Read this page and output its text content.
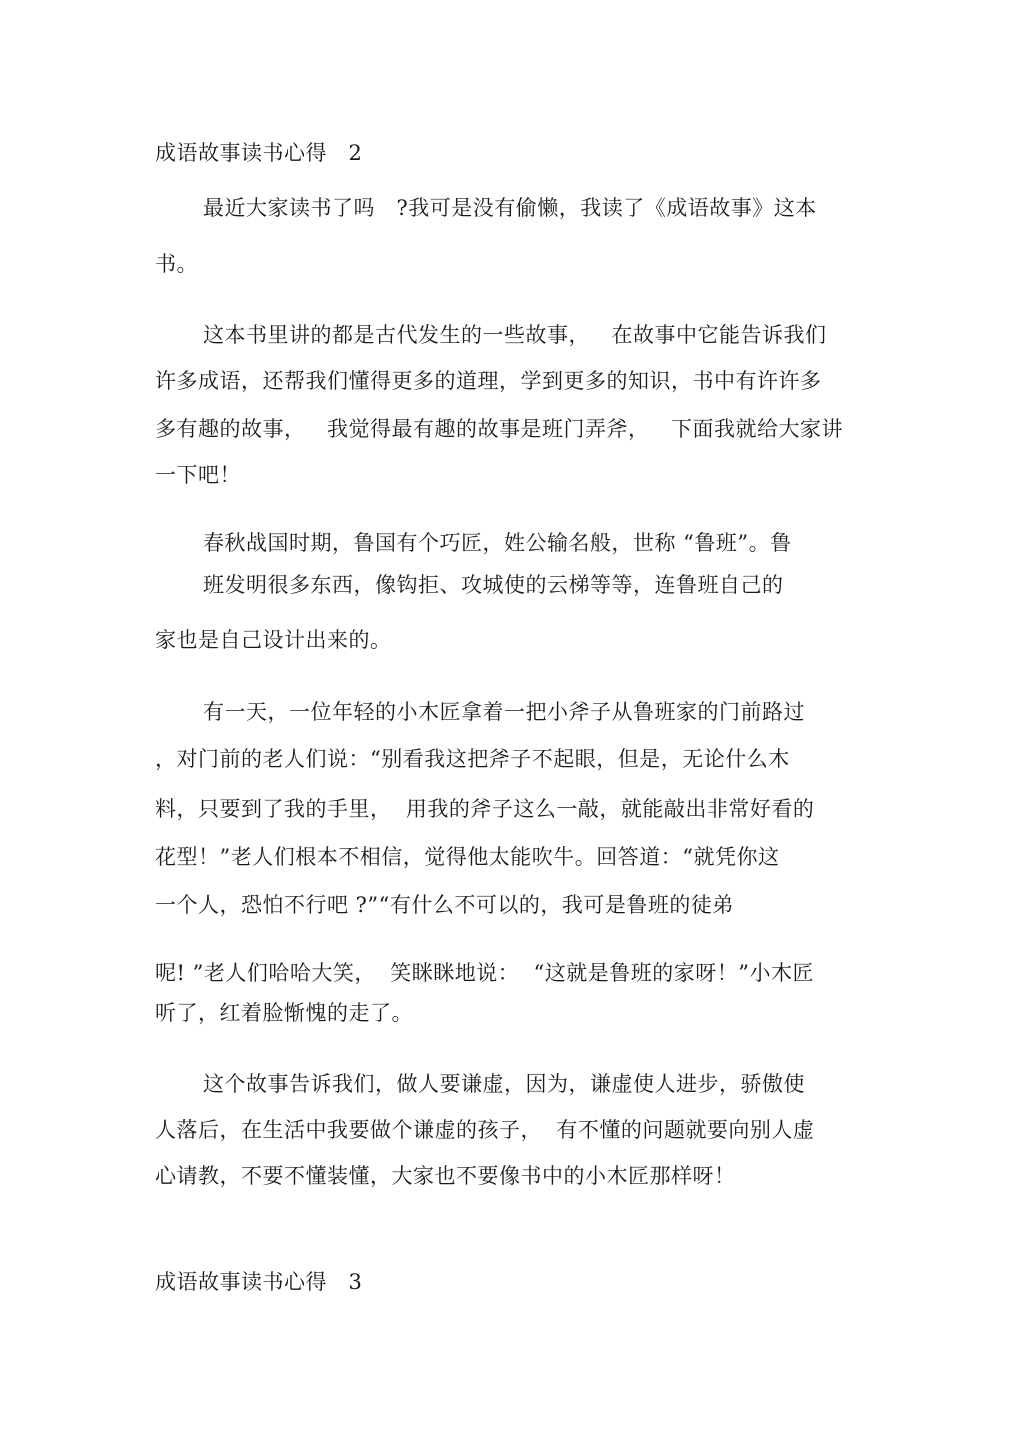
成语故事读书心得   2
最近大家读书了吗   ?我可是没有偷懒，我读了《成语故事》这本
书。
这本书里讲的都是古代发生的一些故事，   在故事中它能告诉我们
许多成语，还帮我们懂得更多的道理，学到更多的知识，书中有许许多
多有趣的故事，   我觉得最有趣的故事是班门弄斧，   下面我就给大家讲
一下吧！
春秋战国时期，鲁国有个巧匠，姓公输名般，世称 “鲁班”。鲁
班发明很多东西，像钩拒、攻城使的云梯等等，连鲁班自己的
家也是自己设计出来的。
有一天，一位年轻的小木匠拿着一把小斧子从鲁班家的门前路过
，对门前的老人们说：“别看我这把斧子不起眼，但是，无论什么木
料，只要到了我的手里，  用我的斧子这么一敲，就能敲出非常好看的
花型！”老人们根本不相信，觉得他太能吹牛。回答道：“就凭你这
一个人，恐怕不行吧 ?”“有什么不可以的，我可是鲁班的徒弟
呢! ”老人们哈哈大笑，  笑眯眯地说：  “这就是鲁班的家呀！”小木匠
听了，红着脸惭愧的走了。
这个故事告诉我们，做人要谦虚，因为，谦虚使人进步，骄傲使
人落后，在生活中我要做个谦虚的孩子，  有不懂的问题就要向别人虚
心请教，不要不懂装懂，大家也不要像书中的小木匠那样呀！
成语故事读书心得   3
